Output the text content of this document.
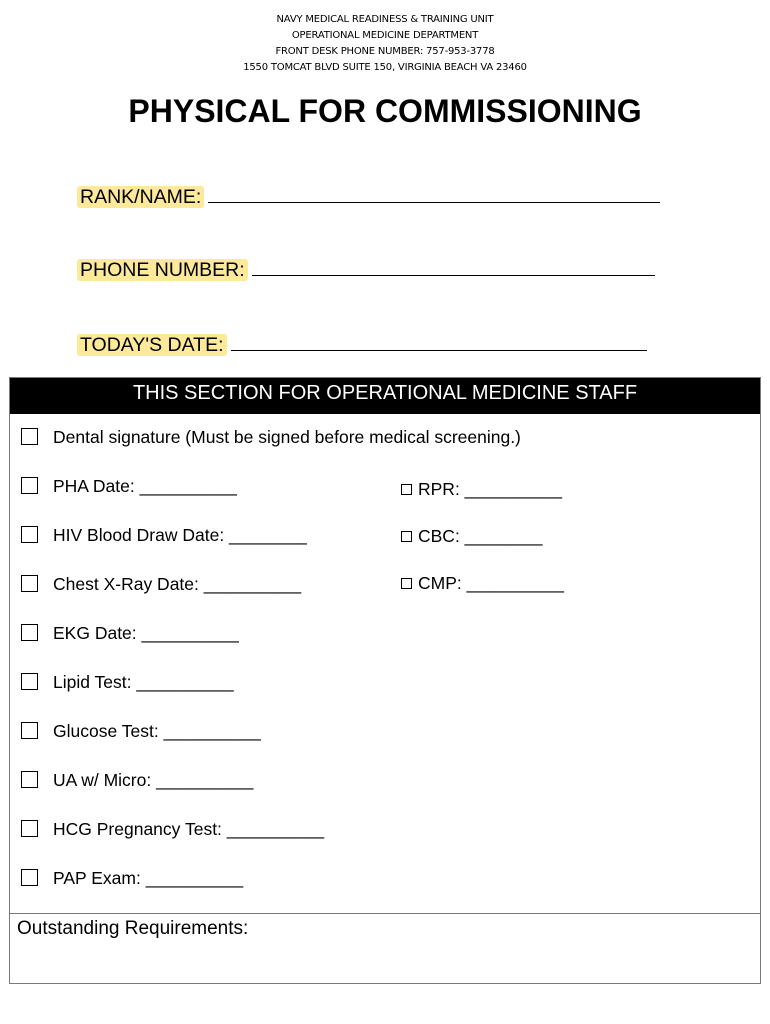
NAVY MEDICAL READINESS & TRAINING UNIT
OPERATIONAL MEDICINE DEPARTMENT
FRONT DESK PHONE NUMBER: 757-953-3778
1550 TOMCAT BLVD SUITE 150, VIRGINIA BEACH VA 23460
PHYSICAL FOR COMMISSIONING
RANK/NAME:
PHONE NUMBER:
TODAY'S DATE:
THIS SECTION FOR OPERATIONAL MEDICINE STAFF
Dental signature (Must be signed before medical screening.)
PHA Date: __________
HIV Blood Draw Date: ________
Chest X-Ray Date: __________
EKG Date: __________
Lipid Test: __________
Glucose Test: __________
UA w/ Micro: __________
HCG Pregnancy Test: __________
PAP Exam: __________
RPR: __________
CBC: ________
CMP: __________
Outstanding Requirements:
